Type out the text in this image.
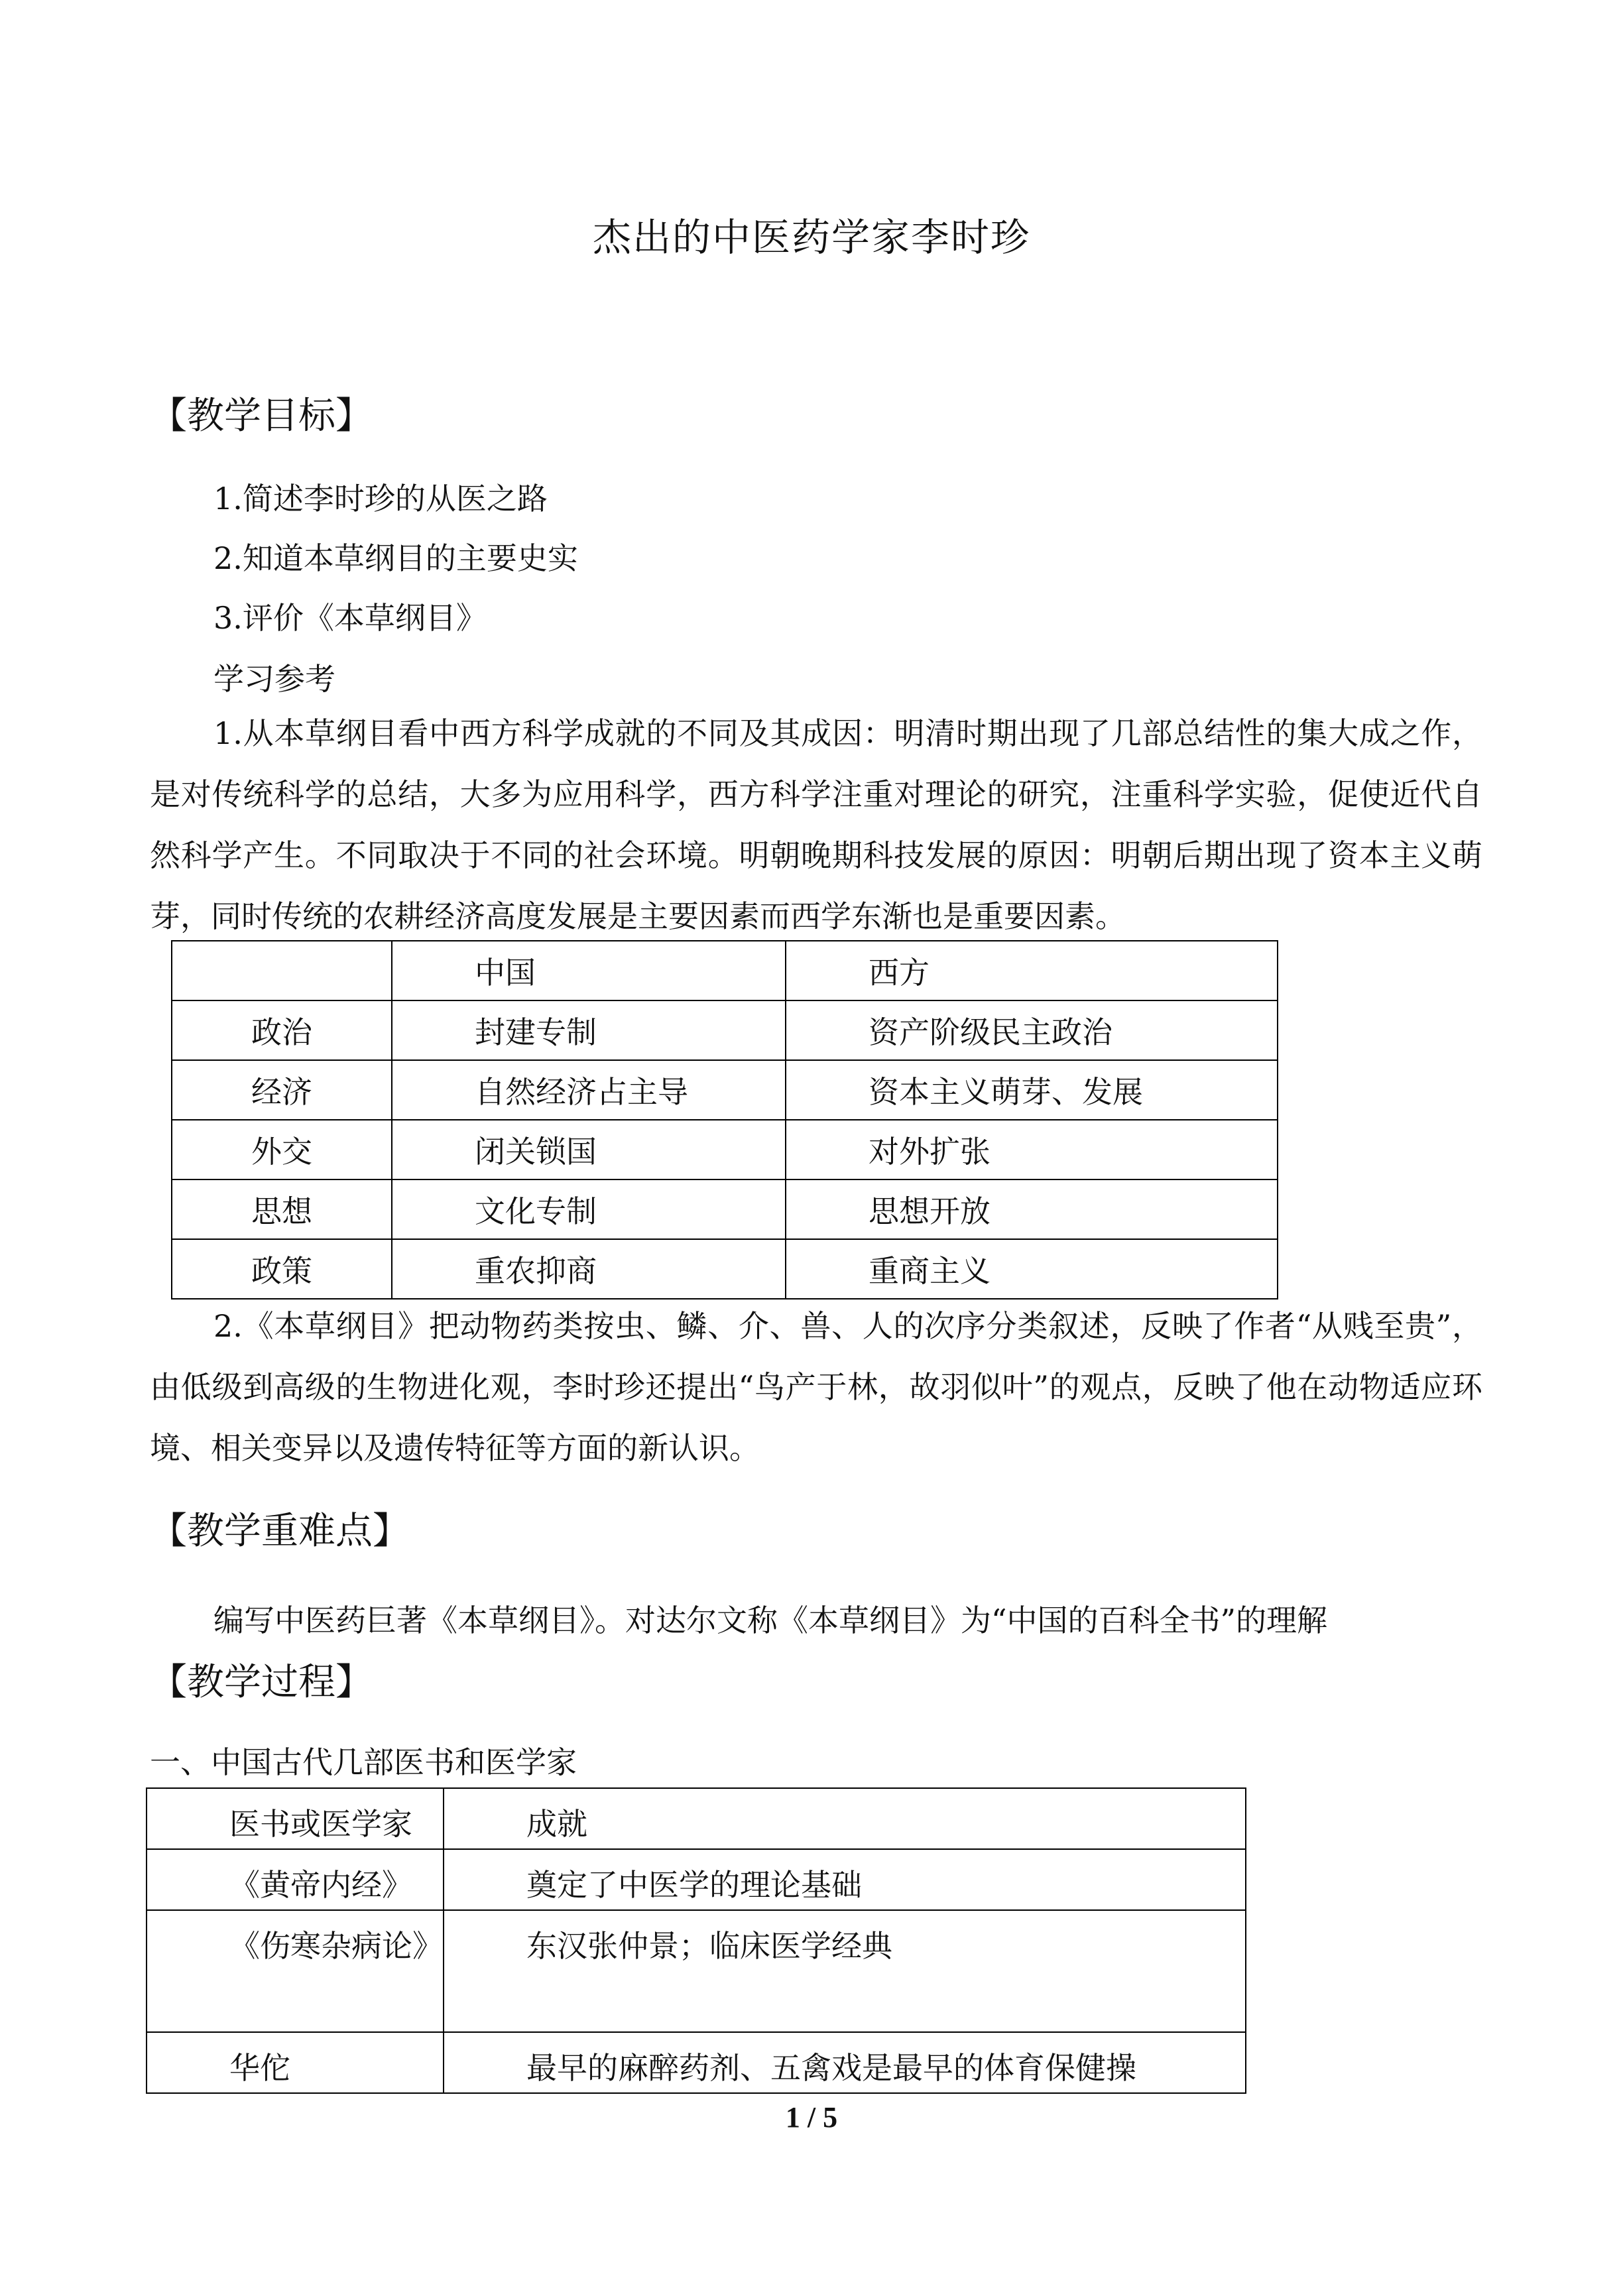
杰出的中医药学家李时珍
【教学目标】
1.简述李时珍的从医之路
2.知道本草纲目的主要史实
3.评价《本草纲目》
学习参考

1.从本草纲目看中西方科学成就的不同及其成因：明清时期出现了几部总结性的集大成之作，是对传统科学的总结，大多为应用科学，西方科学注重对理论的研究，注重科学实验，促使近代自然科学产生。不同取决于不同的社会环境。明朝晚期科技发展的原因：明朝后期出现了资本主义萌芽，同时传统的农耕经济高度发展是主要因素而西学东渐也是重要因素。

	中国	西方
政治	封建专制	资产阶级民主政治
经济	自然经济占主导	资本主义萌芽、发展
外交	闭关锁国	对外扩张
思想	文化专制	思想开放
政策	重农抑商	重商主义

2.《本草纲目》把动物药类按虫、鳞、介、兽、人的次序分类叙述，反映了作者“从贱至贵”，由低级到高级的生物进化观，李时珍还提出“鸟产于林，故羽似叶”的观点，反映了他在动物适应环境、相关变异以及遗传特征等方面的新认识。

【教学重难点】
编写中医药巨著《本草纲目》。对达尔文称《本草纲目》为“中国的百科全书”的理解
【教学过程】
一、中国古代几部医书和医学家
医书或医学家	成就
《黄帝内经》	奠定了中医学的理论基础

《伤寒杂病论》	东汉张仲景；临床医学经典
华佗	最早的麻醉药剂、五禽戏是最早的体育保健操
1 / 5
